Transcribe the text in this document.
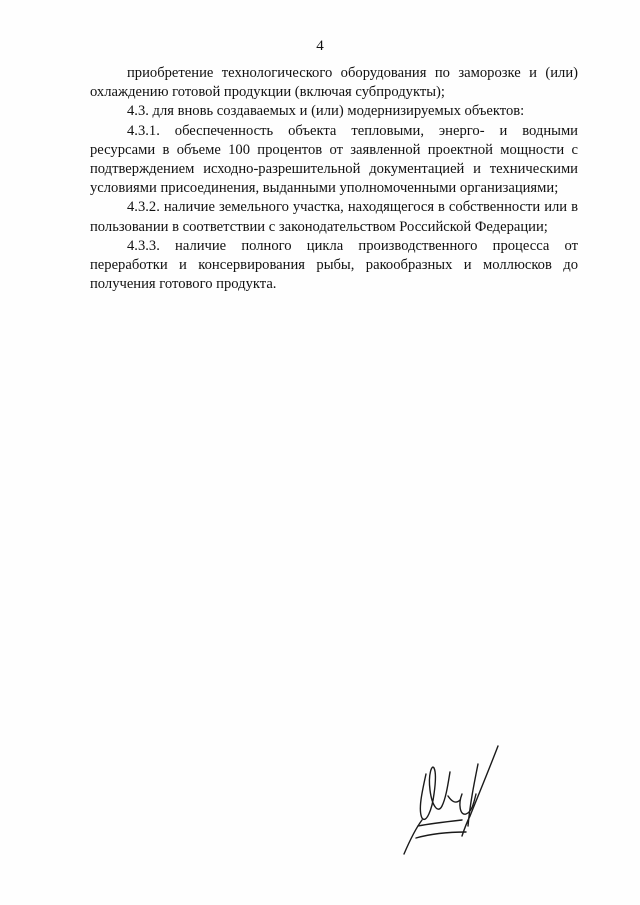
4

приобретение технологического оборудования по заморозке и (или) охлаждению готовой продукции (включая субпродукты);

4.3. для вновь создаваемых и (или) модернизируемых объектов:

4.3.1. обеспеченность объекта тепловыми, энерго- и водными ресурсами в объеме 100 процентов от заявленной проектной мощности с подтверждением исходно-разрешительной документацией и техническими условиями присоединения, выданными уполномоченными организациями;

4.3.2. наличие земельного участка, находящегося в собственности или в пользовании в соответствии с законодательством Российской Федерации;

4.3.3. наличие полного цикла производственного процесса от переработки и консервирования рыбы, ракообразных и моллюсков до получения готового продукта.
